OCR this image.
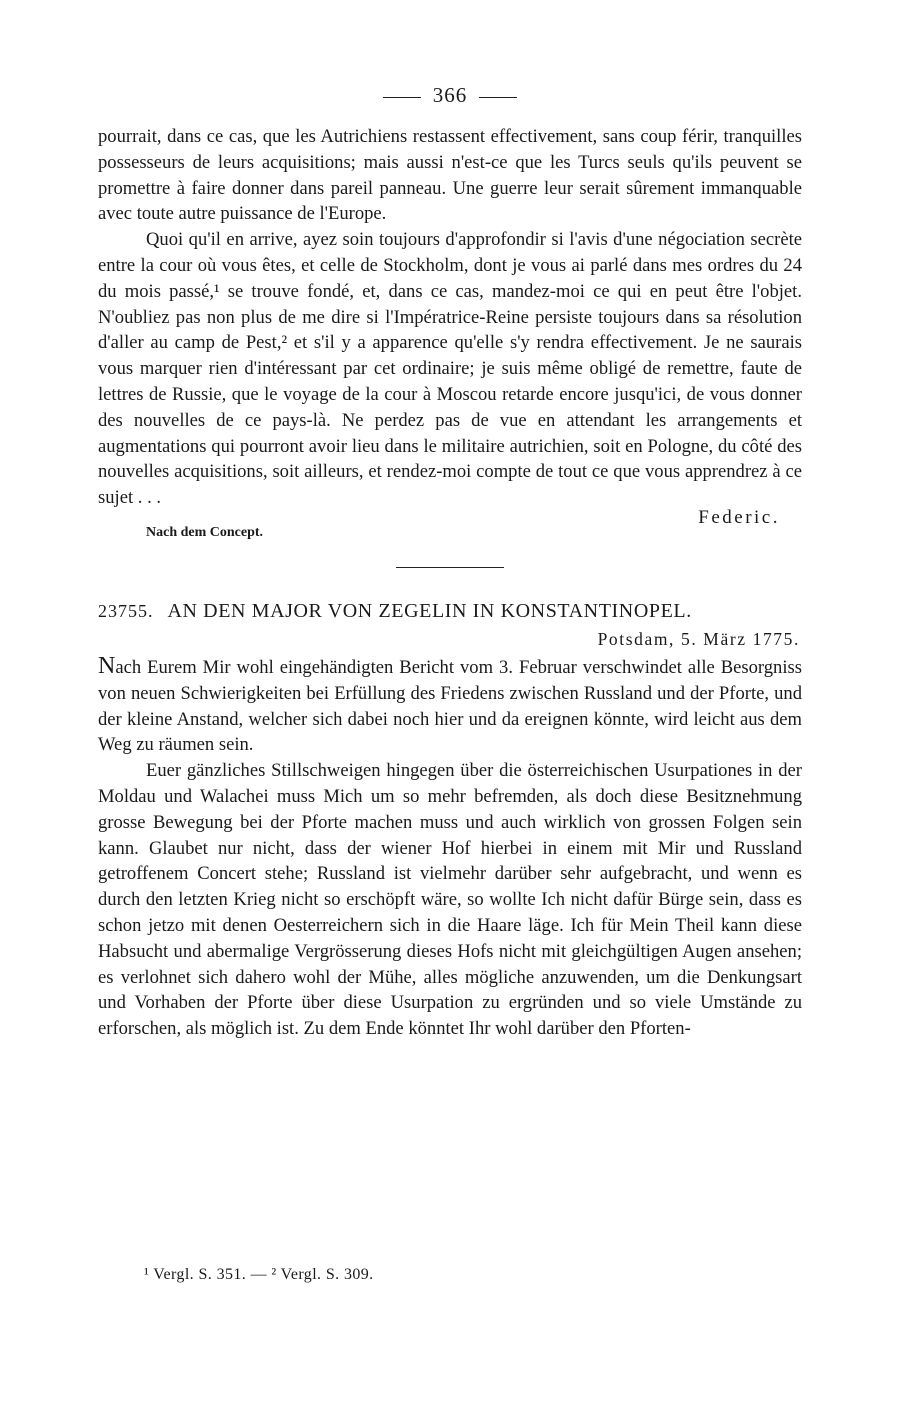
366

pourrait, dans ce cas, que les Autrichiens restassent effectivement, sans coup férir, tranquilles possesseurs de leurs acquisitions; mais aussi n'est-ce que les Turcs seuls qu'ils peuvent se promettre à faire donner dans pareil panneau. Une guerre leur serait sûrement immanquable avec toute autre puissance de l'Europe.

Quoi qu'il en arrive, ayez soin toujours d'approfondir si l'avis d'une négociation secrète entre la cour où vous êtes, et celle de Stockholm, dont je vous ai parlé dans mes ordres du 24 du mois passé,¹ se trouve fondé, et, dans ce cas, mandez-moi ce qui en peut être l'objet. N'oubliez pas non plus de me dire si l'Impératrice-Reine persiste toujours dans sa résolution d'aller au camp de Pest,² et s'il y a apparence qu'elle s'y rendra effectivement. Je ne saurais vous marquer rien d'intéressant par cet ordinaire; je suis même obligé de remettre, faute de lettres de Russie, que le voyage de la cour à Moscou retarde encore jusqu'ici, de vous donner des nouvelles de ce pays-là. Ne perdez pas de vue en attendant les arrangements et augmentations qui pourront avoir lieu dans le militaire autrichien, soit en Pologne, du côté des nouvelles acquisitions, soit ailleurs, et rendez-moi compte de tout ce que vous apprendrez à ce sujet . . .

Nach dem Concept.
Federic.
23755. AN DEN MAJOR VON ZEGELIN IN KONSTANTINOPEL.
Potsdam, 5. März 1775.

Nach Eurem Mir wohl eingehändigten Bericht vom 3. Februar verschwindet alle Besorgniss von neuen Schwierigkeiten bei Erfüllung des Friedens zwischen Russland und der Pforte, und der kleine Anstand, welcher sich dabei noch hier und da ereignen könnte, wird leicht aus dem Weg zu räumen sein.

Euer gänzliches Stillschweigen hingegen über die österreichischen Usurpationes in der Moldau und Walachei muss Mich um so mehr befremden, als doch diese Besitznehmung grosse Bewegung bei der Pforte machen muss und auch wirklich von grossen Folgen sein kann. Glaubet nur nicht, dass der wiener Hof hierbei in einem mit Mir und Russland getroffenem Concert stehe; Russland ist vielmehr darüber sehr aufgebracht, und wenn es durch den letzten Krieg nicht so erschöpft wäre, so wollte Ich nicht dafür Bürge sein, dass es schon jetzo mit denen Oesterreichern sich in die Haare läge. Ich für Mein Theil kann diese Habsucht und abermalige Vergrösserung dieses Hofs nicht mit gleichgültigen Augen ansehen; es verlohnet sich dahero wohl der Mühe, alles mögliche anzuwenden, um die Denkungsart und Vorhaben der Pforte über diese Usurpation zu ergründen und so viele Umstände zu erforschen, als möglich ist. Zu dem Ende könntet Ihr wohl darüber den Pforten-

¹ Vergl. S. 351. — ² Vergl. S. 309.
